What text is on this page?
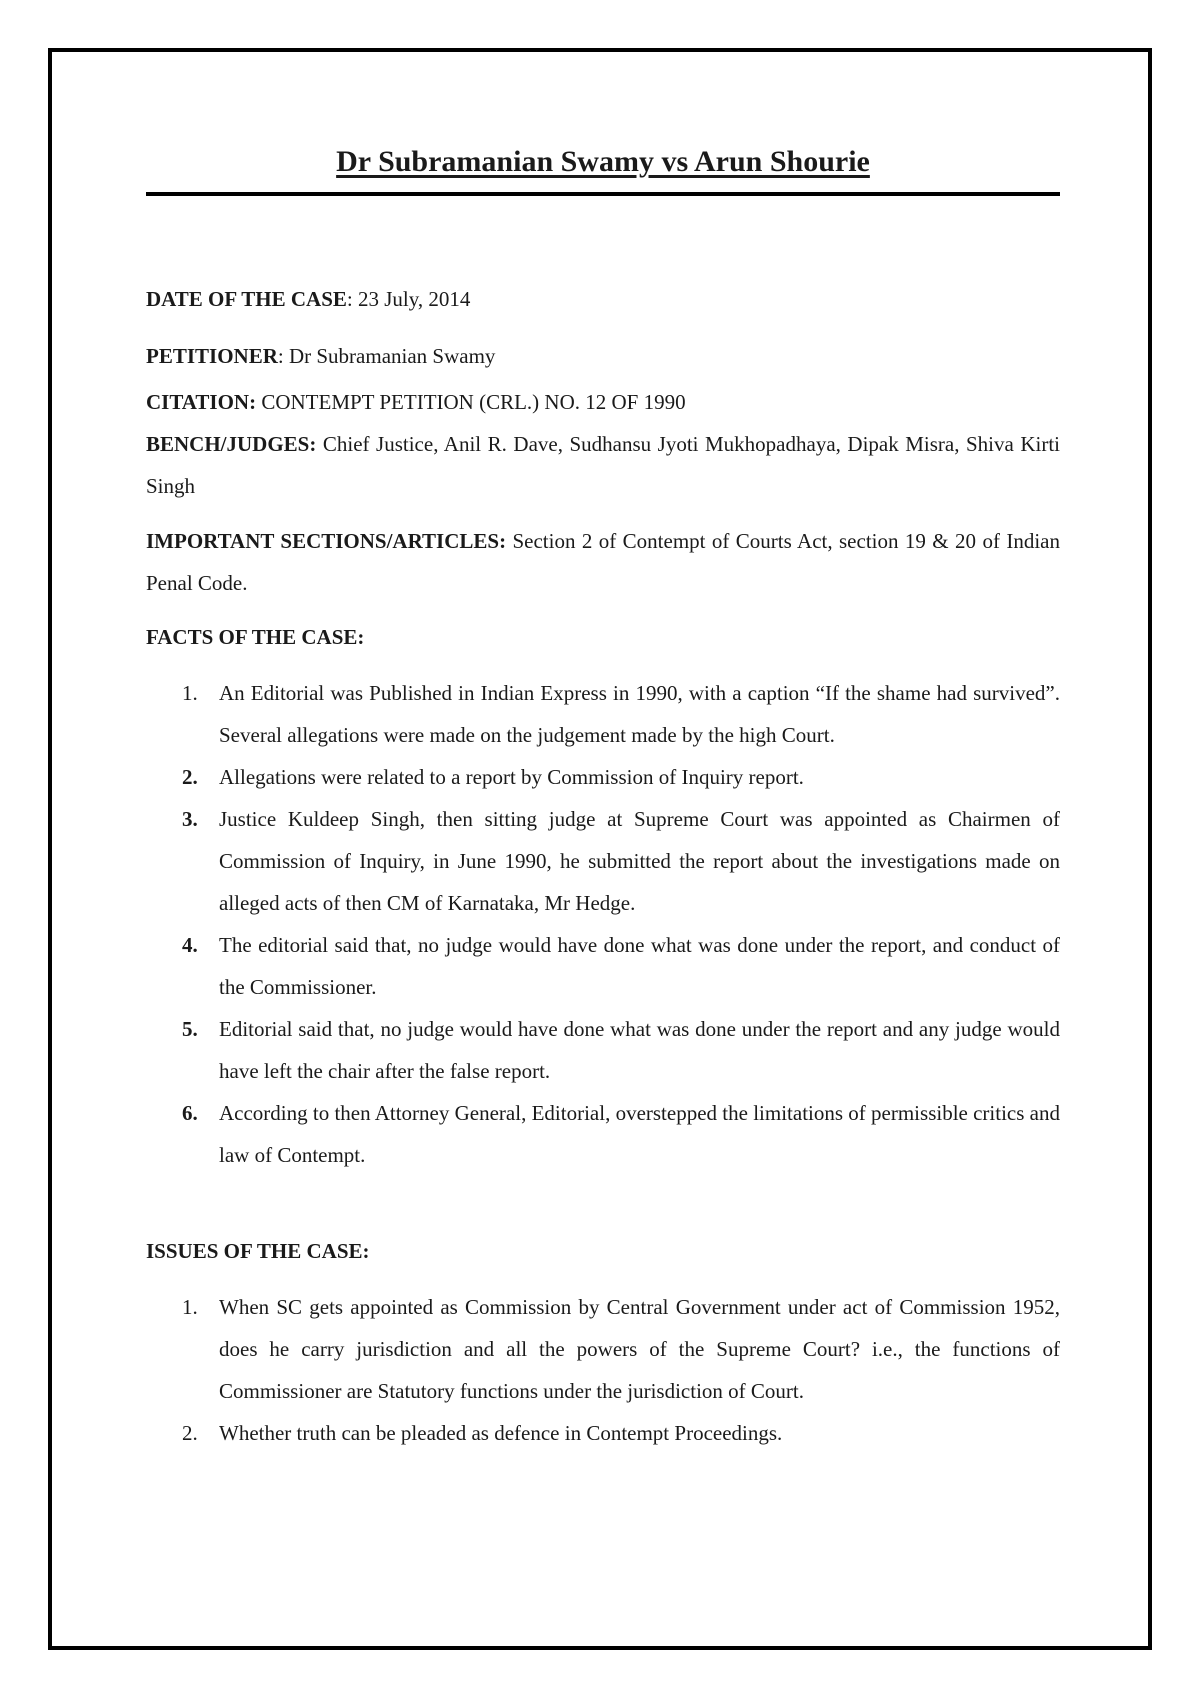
Dr Subramanian Swamy vs Arun Shourie

DATE OF THE CASE: 23 July, 2014

PETITIONER: Dr Subramanian Swamy

CITATION: CONTEMPT PETITION (CRL.) NO. 12 OF 1990

BENCH/JUDGES: Chief Justice, Anil R. Dave, Sudhansu Jyoti Mukhopadhaya, Dipak Misra, Shiva Kirti Singh

IMPORTANT SECTIONS/ARTICLES: Section 2 of Contempt of Courts Act, section 19 & 20 of Indian Penal Code.

FACTS OF THE CASE:
1. An Editorial was Published in Indian Express in 1990, with a caption “If the shame had survived”. Several allegations were made on the judgement made by the high Court.
2. Allegations were related to a report by Commission of Inquiry report.
3. Justice Kuldeep Singh, then sitting judge at Supreme Court was appointed as Chairmen of Commission of Inquiry, in June 1990, he submitted the report about the investigations made on alleged acts of then CM of Karnataka, Mr Hedge.
4. The editorial said that, no judge would have done what was done under the report, and conduct of the Commissioner.
5. Editorial said that, no judge would have done what was done under the report and any judge would have left the chair after the false report.
6. According to then Attorney General, Editorial, overstepped the limitations of permissible critics and law of Contempt.
ISSUES OF THE CASE:
1. When SC gets appointed as Commission by Central Government under act of Commission 1952, does he carry jurisdiction and all the powers of the Supreme Court? i.e., the functions of Commissioner are Statutory functions under the jurisdiction of Court.
2. Whether truth can be pleaded as defence in Contempt Proceedings.
